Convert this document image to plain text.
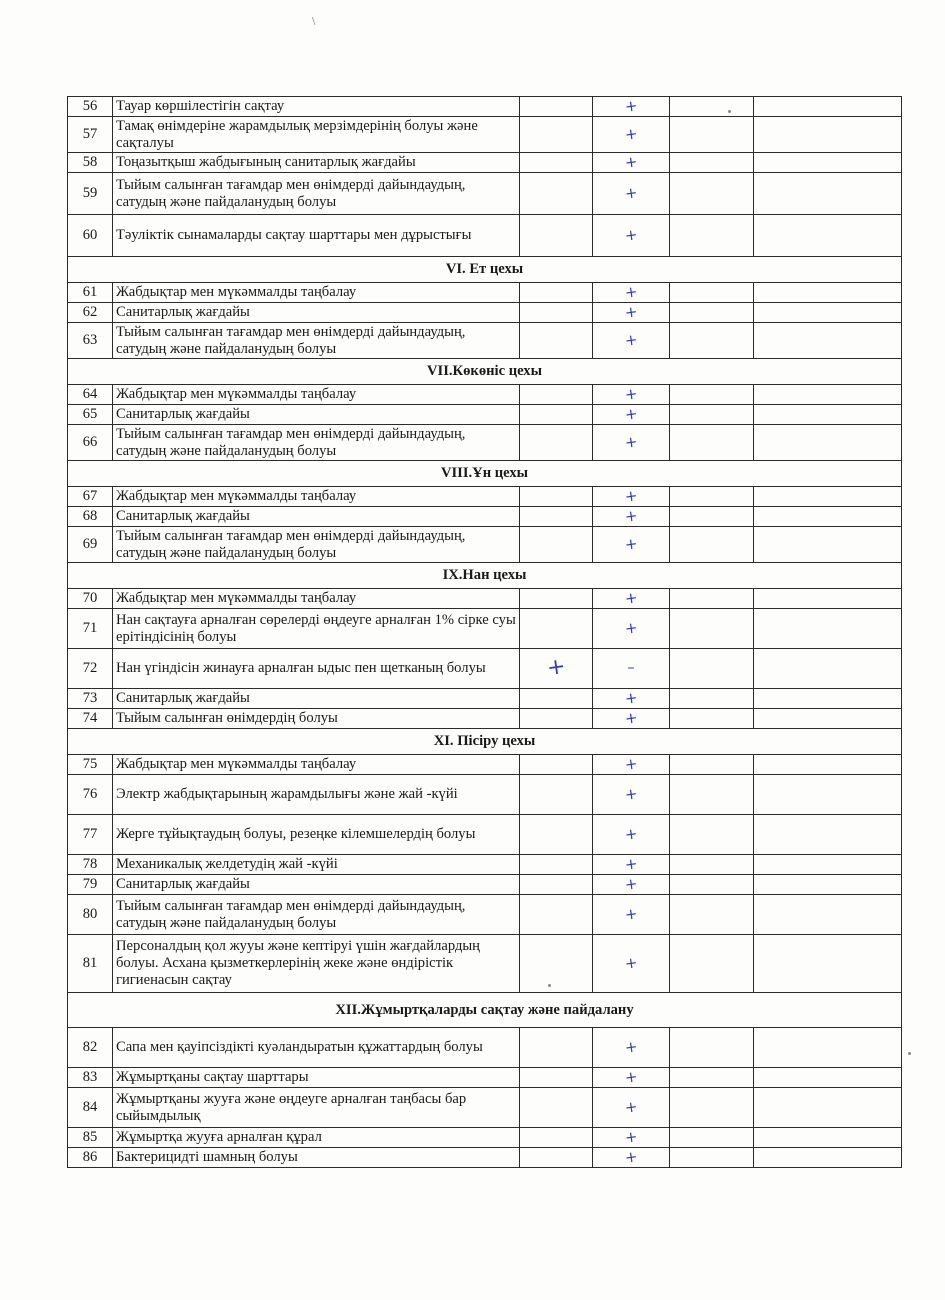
\
56	Тауар көршілестігін сақтау		+		
57	Тамақ өнімдеріне жарамдылық мерзімдерінің болуы және сақталуы		+		
58	Тоңазытқыш жабдығының санитарлық жағдайы		+		
59	Тыйым салынған тағамдар мен өнімдерді дайындаудың, сатудың және пайдаланудың болуы		+		
60	Тәуліктік сынамаларды сақтау шарттары мен дұрыстығы		+		
VI. Ет цехы					
61	Жабдықтар мен мүкәммалды таңбалау		+		
62	Санитарлық жағдайы		+		
63	Тыйым салынған тағамдар мен өнімдерді дайындаудың, сатудың және пайдаланудың болуы		+		
VII.Көкөніс цехы					
64	Жабдықтар мен мүкәммалды таңбалау		+		
65	Санитарлық жағдайы		+		
66	Тыйым салынған тағамдар мен өнімдерді дайындаудың, сатудың және пайдаланудың болуы		+		
VIII.Ұн цехы					
67	Жабдықтар мен мүкәммалды таңбалау		+		
68	Санитарлық жағдайы		+		
69	Тыйым салынған тағамдар мен өнімдерді дайындаудың, сатудың және пайдаланудың болуы		+		
IX.Нан цехы					
70	Жабдықтар мен мүкәммалды таңбалау		+		
71	Нан сақтауға арналған сөрелерді өңдеуге арналған 1% сірке суы ерітіндісінің болуы		+		
72	Нан үгіндісін жинауға арналған ыдыс пен щетканың болуы	+	–		
73	Санитарлық жағдайы		+		
74	Тыйым салынған өнімдердің болуы		+		
XI. Пісіру цехы					
75	Жабдықтар мен мүкәммалды таңбалау		+		
76	Электр жабдықтарының жарамдылығы және жай -күйі		+		
77	Жерге тұйықтаудың болуы, резеңке кілемшелердің болуы		+		
78	Механикалық желдетудің жай -күйі		+		
79	Санитарлық жағдайы		+		
80	Тыйым салынған тағамдар мен өнімдерді дайындаудың, сатудың және пайдаланудың болуы		+		
81	Персоналдың қол жууы және кептіруі үшін жағдайлардың болуы. Асхана қызметкерлерінің жеке және өндірістік гигиенасын сақтау		+		
XII.Жұмыртқаларды сақтау және пайдалану					
82	Сапа мен қауіпсіздікті куәландыратын құжаттардың болуы		+		
83	Жұмыртқаны сақтау шарттары		+		
84	Жұмыртқаны жууға және өңдеуге арналған таңбасы бар сыйымдылық		+		
85	Жұмыртқа жууға арналған құрал		+		
86	Бактерицидті шамның болуы		+		
